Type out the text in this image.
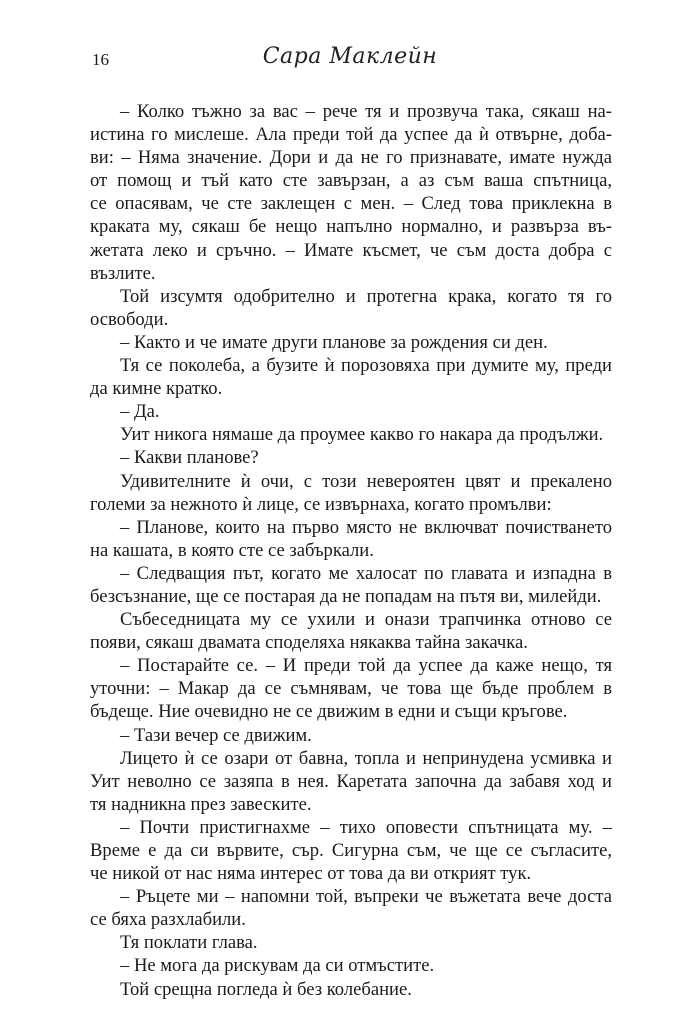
16	Сара Маклейн
– Колко тъжно за вас – рече тя и прозвуча така, сякаш на-
истина го мислеше. Ала преди той да успее да ѝ отвърне, доба-
ви: – Няма значение. Дори и да не го признавате, имате нужда
от помощ и тъй като сте завързан, а аз съм ваша спътница,
се опасявам, че сте заклещен с мен. – След това приклекна в
краката му, сякаш бе нещо напълно нормално, и развърза въ-
жетата леко и сръчно. – Имате късмет, че съм доста добра с
възлите.
Той изсумтя одобрително и протегна крака, когато тя го
освободи.
– Както и че имате други планове за рождения си ден.
Тя се поколеба, а бузите ѝ порозовяха при думите му, преди
да кимне кратко.
– Да.
Уит никога нямаше да проумее какво го накара да продължи.
– Какви планове?
Удивителните ѝ очи, с този невероятен цвят и прекалено
големи за нежното ѝ лице, се извърнаха, когато промълви:
– Планове, които на първо място не включват почистването
на кашата, в която сте се забъркали.
– Следващия път, когато ме халосат по главата и изпадна в
безсъзнание, ще се постарая да не попадам на пътя ви, милейди.
Събеседницата му се ухили и онази трапчинка отново се
появи, сякаш двамата споделяха някаква тайна закачка.
– Постарайте се. – И преди той да успее да каже нещо, тя
уточни: – Макар да се съмнявам, че това ще бъде проблем в
бъдеще. Ние очевидно не се движим в едни и същи кръгове.
– Тази вечер се движим.
Лицето ѝ се озари от бавна, топла и непринудена усмивка и
Уит неволно се зазяпа в нея. Каретата започна да забавя ход и
тя надникна през завеските.
– Почти пристигнахме – тихо оповести спътницата му. –
Време е да си вървите, сър. Сигурна съм, че ще се съгласите,
че никой от нас няма интерес от това да ви открият тук.
– Ръцете ми – напомни той, въпреки че въжетата вече доста
се бяха разхлабили.
Тя поклати глава.
– Не мога да рискувам да си отмъстите.
Той срещна погледа ѝ без колебание.
